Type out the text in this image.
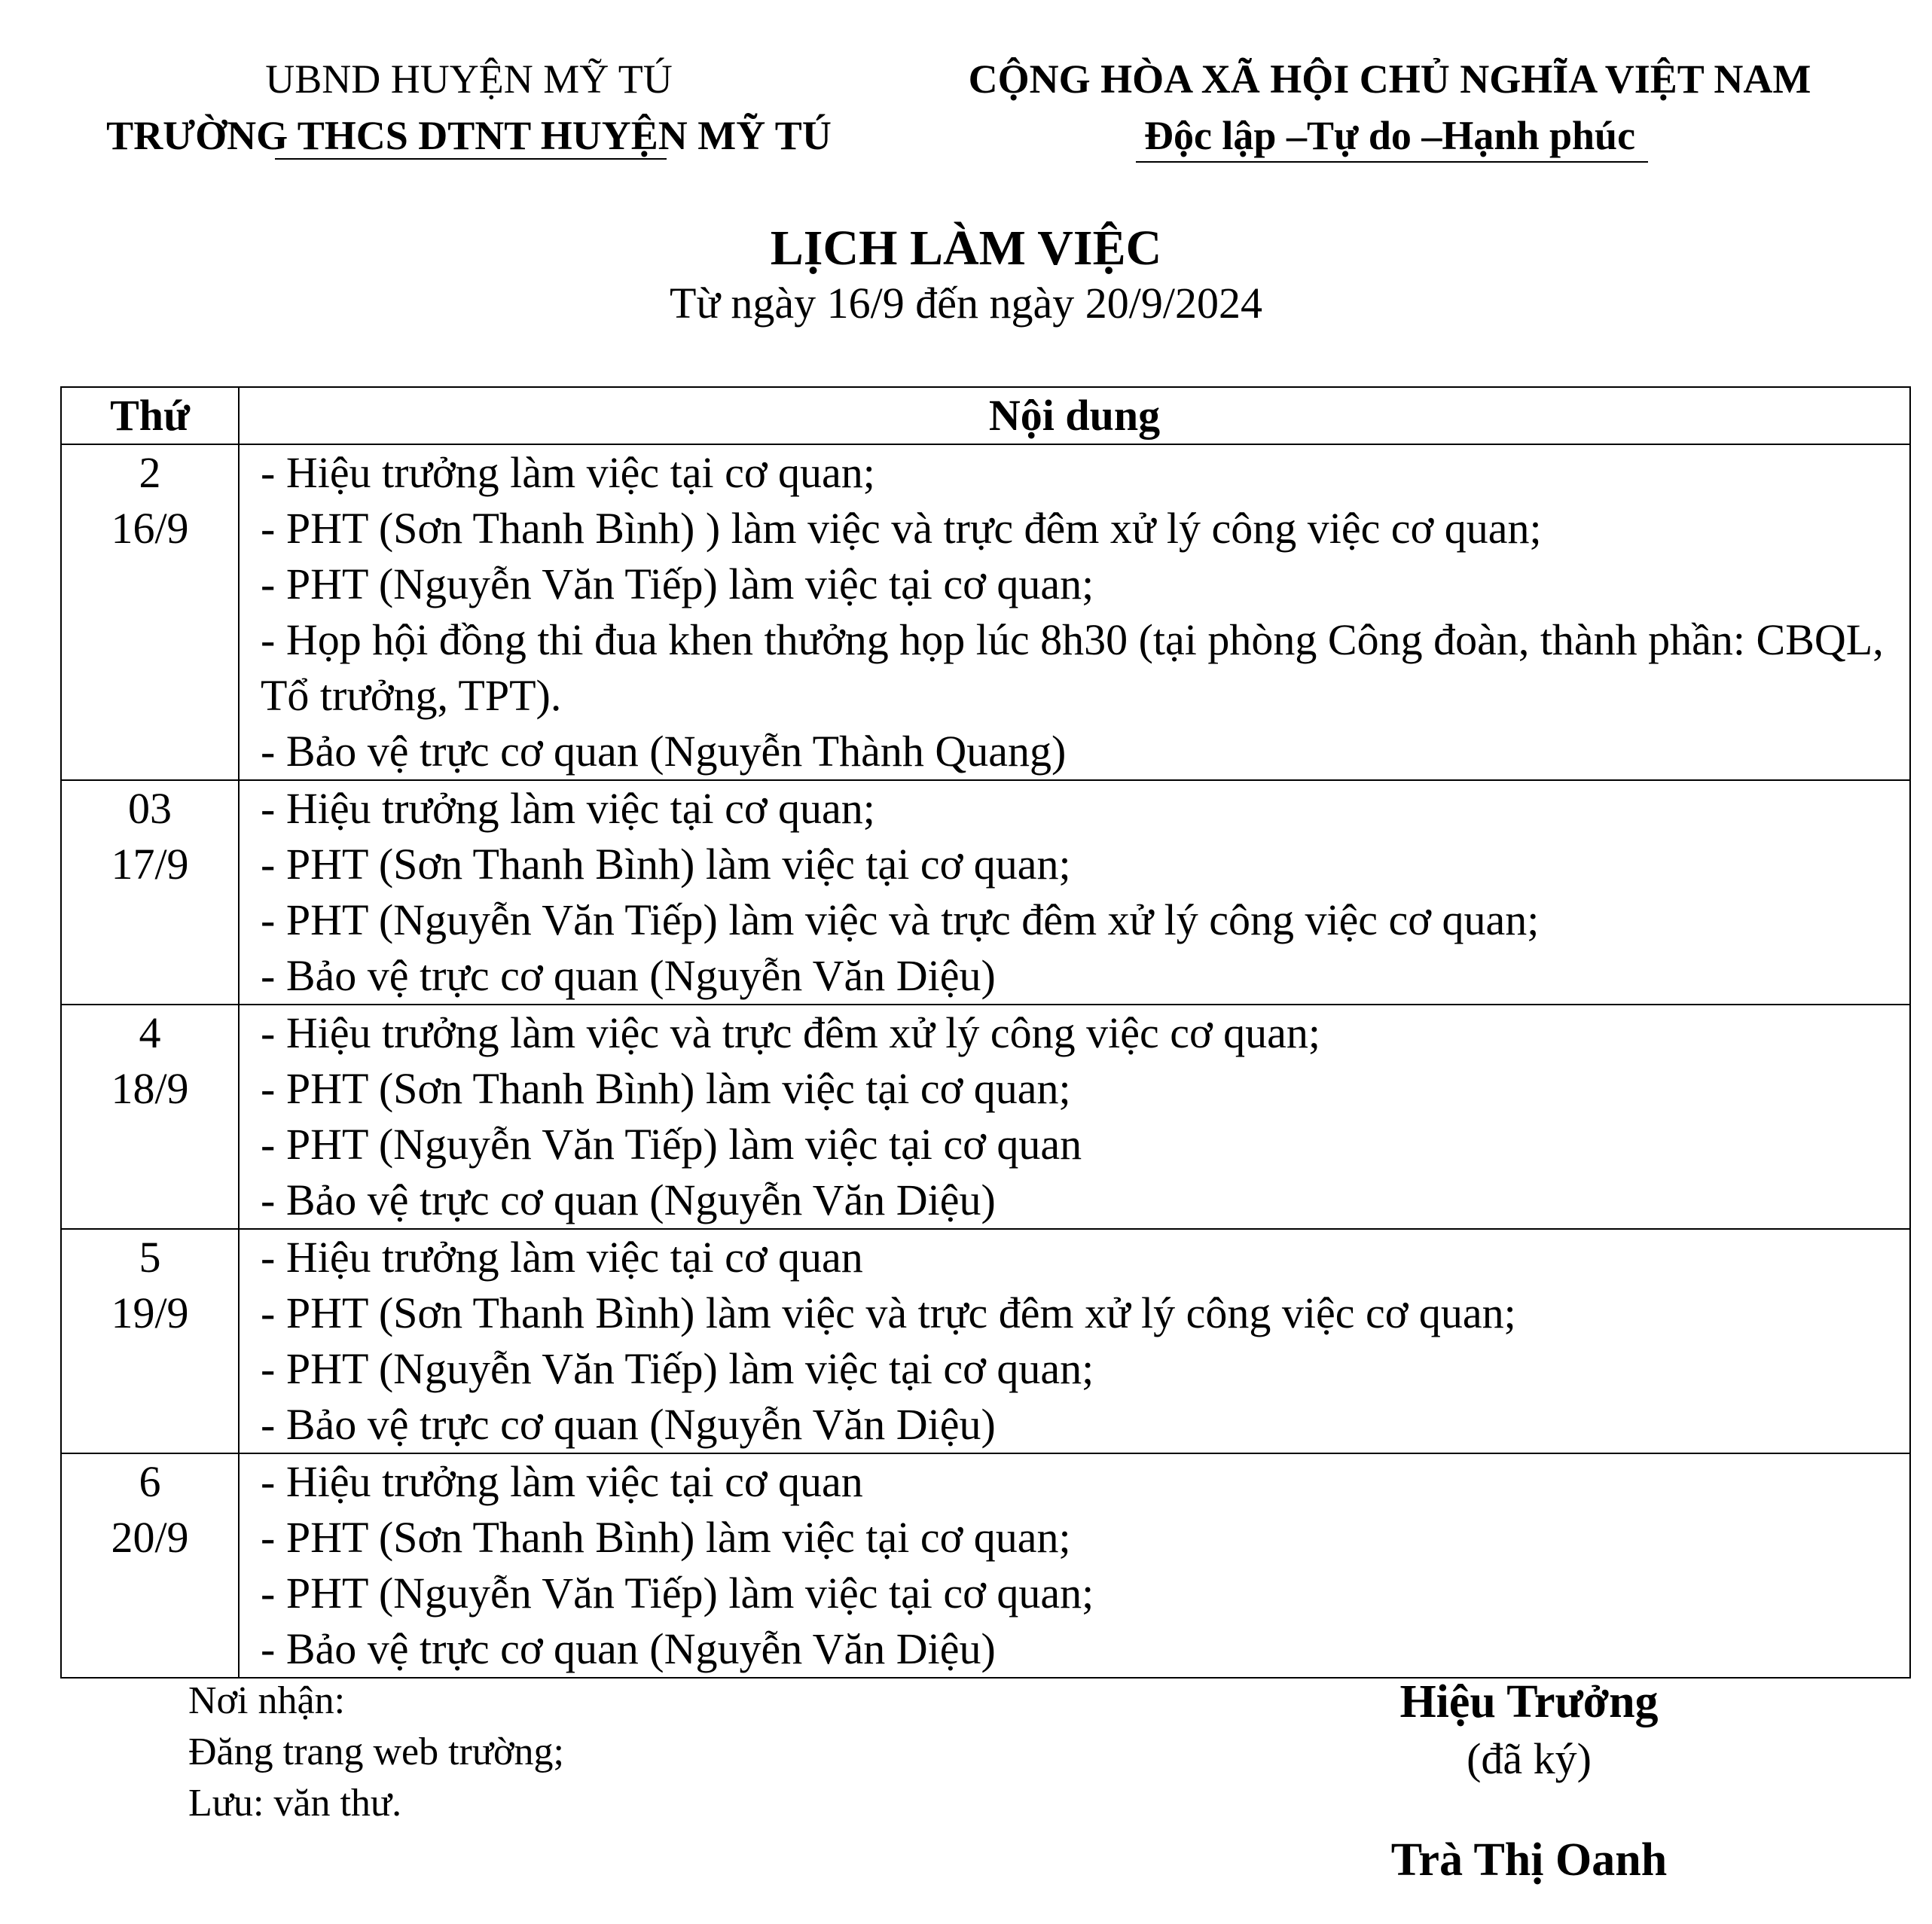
UBND HUYỆN MỸ TÚ
TRƯỜNG THCS DTNT HUYỆN MỸ TÚ
CỘNG HÒA XÃ HỘI CHỦ NGHĨA VIỆT NAM
Độc lập –Tự do –Hạnh phúc
LỊCH LÀM VIỆC
Từ ngày 16/9 đến ngày 20/9/2024
Thứ	Nội dung

2
16/9	- Hiệu trưởng làm việc tại cơ quan;
- PHT (Sơn Thanh Bình) ) làm việc và trực đêm xử lý công việc cơ quan;
- PHT (Nguyễn Văn Tiếp) làm việc tại cơ quan;
- Họp hội đồng thi đua khen thưởng họp lúc 8h30 (tại phòng Công đoàn, thành phần: CBQL, Tổ trưởng, TPT).
- Bảo vệ trực cơ quan (Nguyễn Thành Quang)

03
17/9	- Hiệu trưởng làm việc tại cơ quan;
- PHT (Sơn Thanh Bình) làm việc tại cơ quan;
- PHT (Nguyễn Văn Tiếp) làm việc và trực đêm xử lý công việc cơ quan;
- Bảo vệ trực cơ quan (Nguyễn Văn Diệu)

4
18/9	- Hiệu trưởng làm việc và trực đêm xử lý công việc cơ quan;
- PHT (Sơn Thanh Bình) làm việc tại cơ quan;
- PHT (Nguyễn Văn Tiếp) làm việc tại cơ quan
- Bảo vệ trực cơ quan (Nguyễn Văn Diệu)

5
19/9	- Hiệu trưởng làm việc tại cơ quan
- PHT (Sơn Thanh Bình) làm việc và trực đêm xử lý công việc cơ quan;
- PHT (Nguyễn Văn Tiếp) làm việc tại cơ quan;
- Bảo vệ trực cơ quan (Nguyễn Văn Diệu)

6
20/9	- Hiệu trưởng làm việc tại cơ quan
- PHT (Sơn Thanh Bình) làm việc tại cơ quan;
- PHT (Nguyễn Văn Tiếp) làm việc tại cơ quan;
- Bảo vệ trực cơ quan (Nguyễn Văn Diệu)
Nơi nhận:
Đăng trang web trường;
Lưu: văn thư.
Hiệu Trưởng
(đã ký)
Trà Thị Oanh
